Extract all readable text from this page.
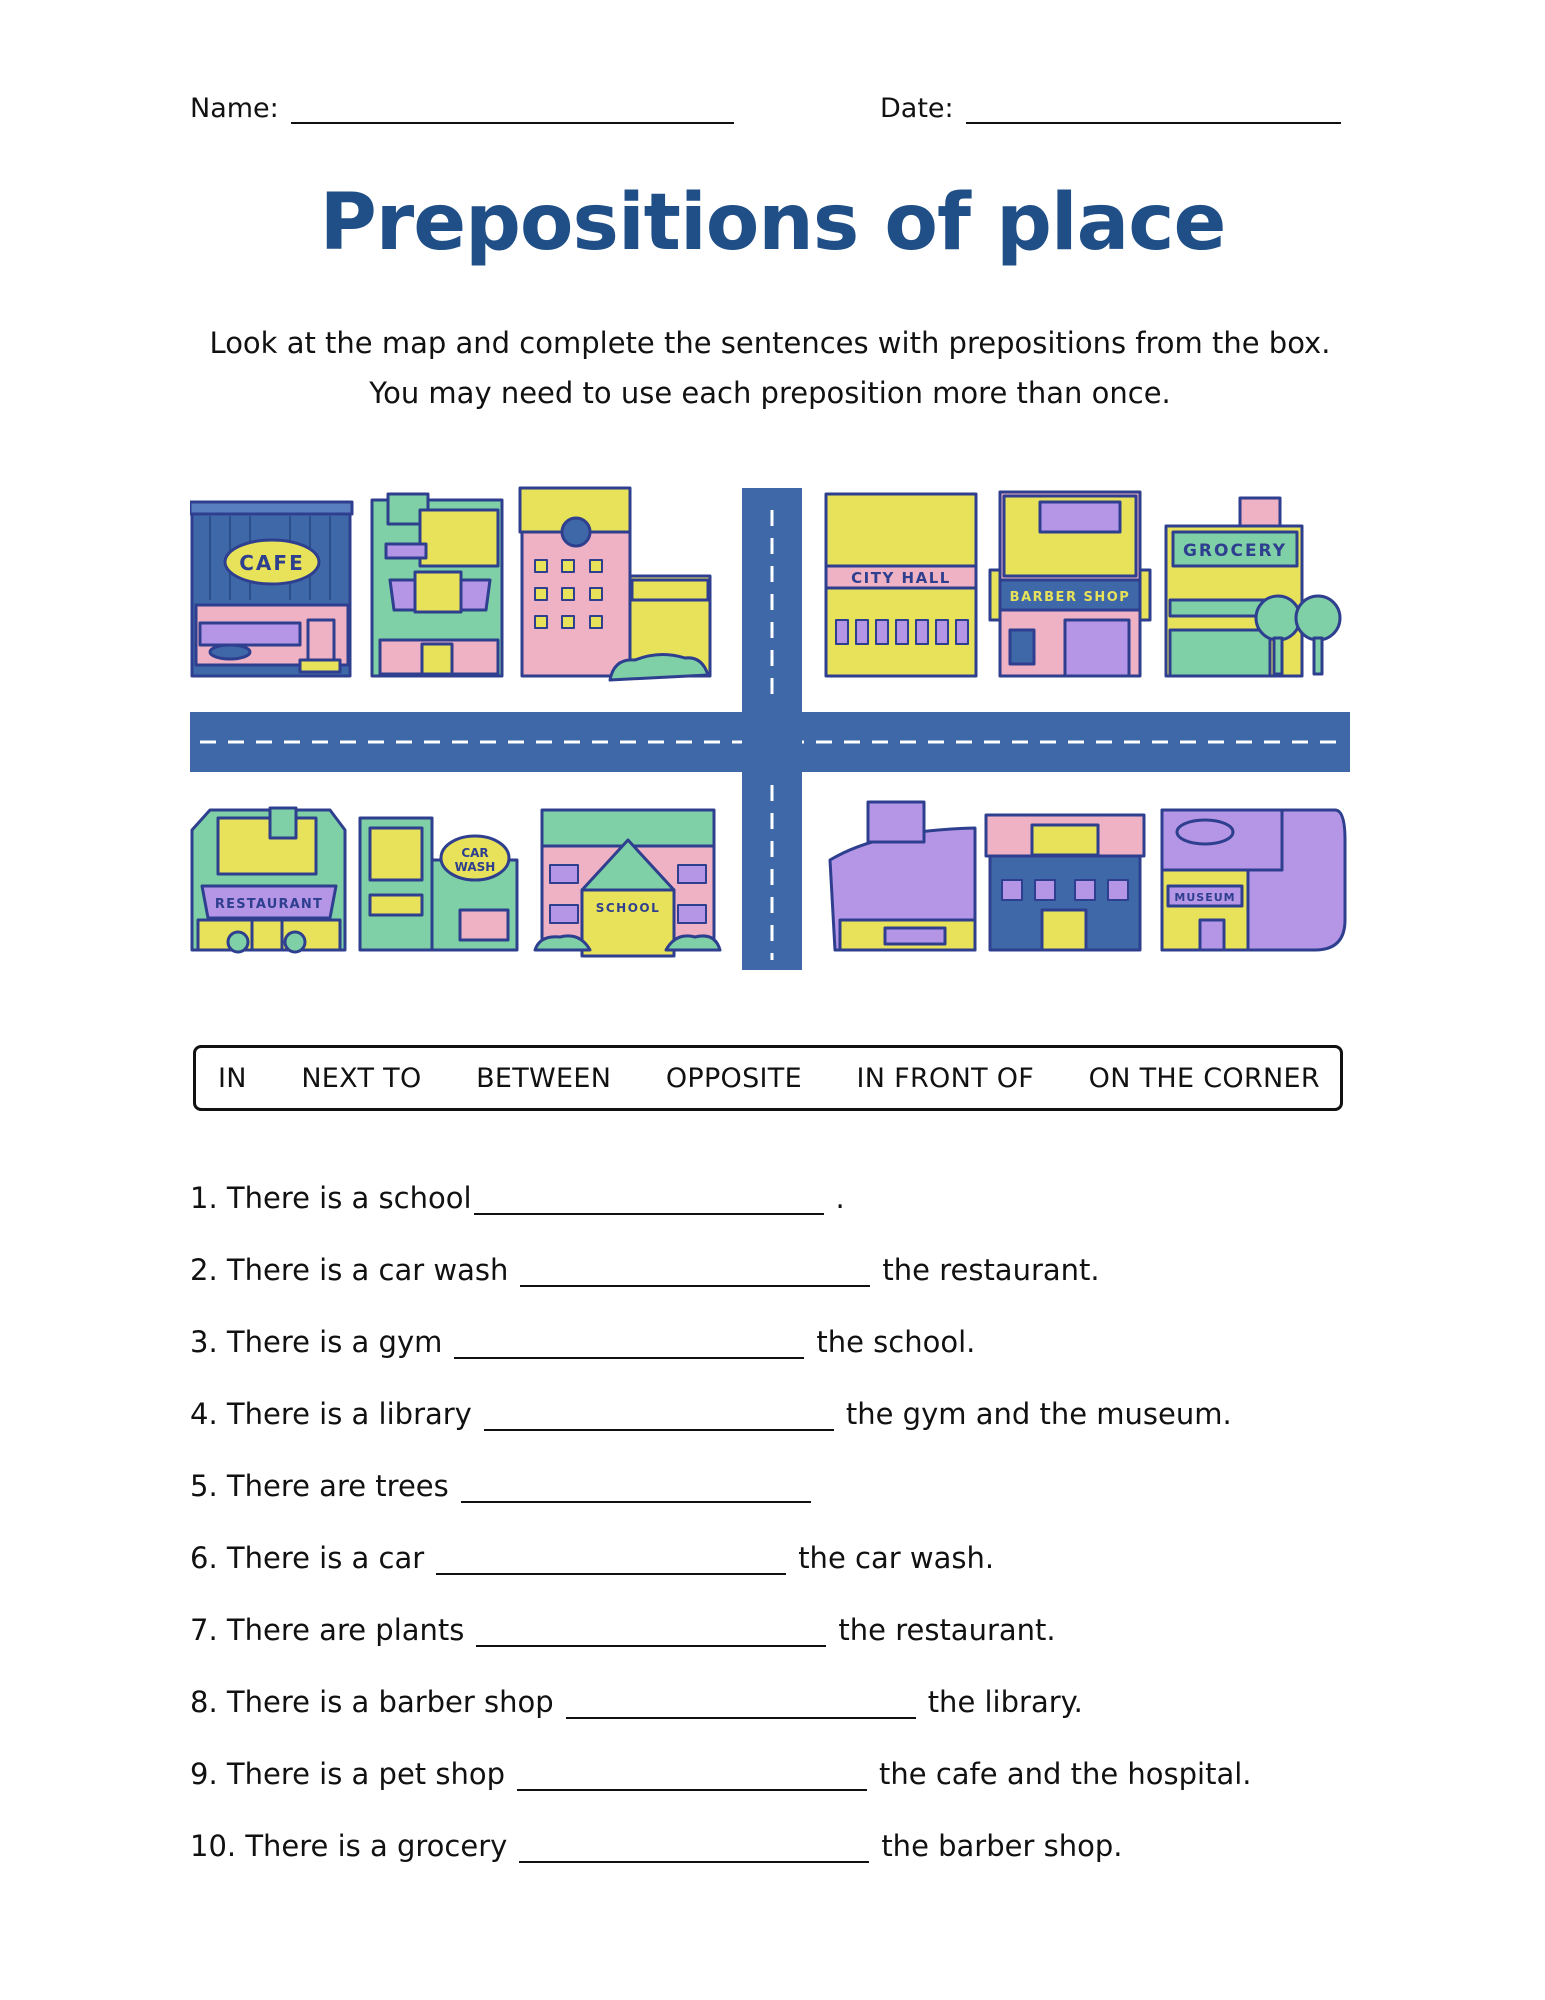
Name:	Date:
Prepositions of place
Look at the map and complete the sentences with prepositions from the box. You may need to use each preposition more than once.
CAFE
CITY HALL
BARBER SHOP
GROCERY
RESTAURANT
CAR
WASH
SCHOOL
MUSEUM
IN NEXT TO BETWEEN OPPOSITE IN FRONT OF ON THE CORNER
1. There is a school	.
2. There is a car wash	the restaurant.
3. There is a gym	the school.
4. There is a library	the gym and the museum.
5. There are trees
6. There is a car	the car wash.
7. There are plants	the restaurant.
8. There is a barber shop	the library.
9. There is a pet shop	the cafe and the hospital.
10. There is a grocery	the barber shop.
